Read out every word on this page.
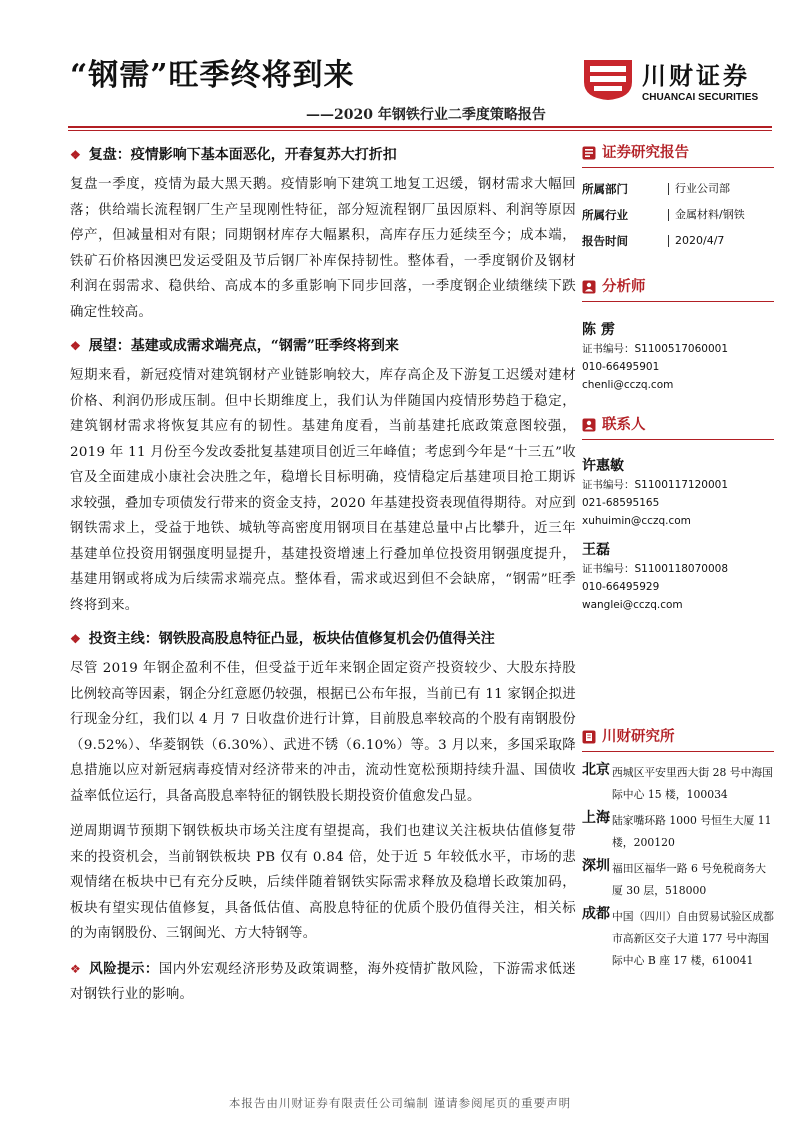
“钢需”旺季终将到来
——2020 年钢铁行业二季度策略报告
川财证券
CHUANCAI SECURITIES
❖ 复盘：疫情影响下基本面恶化，开春复苏大打折扣

复盘一季度，疫情为最大黑天鹅。疫情影响下建筑工地复工迟缓，钢材需求大幅回落；供给端长流程钢厂生产呈现刚性特征，部分短流程钢厂虽因原料、利润等原因停产，但减量相对有限；同期钢材库存大幅累积，高库存压力延续至今；成本端，铁矿石价格因澳巴发运受阻及节后钢厂补库保持韧性。整体看，一季度钢价及钢材利润在弱需求、稳供给、高成本的多重影响下同步回落，一季度钢企业绩继续下跌确定性较高。

❖ 展望：基建或成需求端亮点，“钢需”旺季终将到来

短期来看，新冠疫情对建筑钢材产业链影响较大，库存高企及下游复工迟缓对建材价格、利润仍形成压制。但中长期维度上，我们认为伴随国内疫情形势趋于稳定，建筑钢材需求将恢复其应有的韧性。基建角度看，当前基建托底政策意图较强，2019 年 11 月份至今发改委批复基建项目创近三年峰值；考虑到今年是“十三五”收官及全面建成小康社会决胜之年，稳增长目标明确，疫情稳定后基建项目抢工期诉求较强，叠加专项债发行带来的资金支持，2020 年基建投资表现值得期待。对应到钢铁需求上，受益于地铁、城轨等高密度用钢项目在基建总量中占比攀升，近三年基建单位投资用钢强度明显提升，基建投资增速上行叠加单位投资用钢强度提升，基建用钢或将成为后续需求端亮点。整体看，需求或迟到但不会缺席，“钢需”旺季终将到来。

❖ 投资主线：钢铁股高股息特征凸显，板块估值修复机会仍值得关注

尽管 2019 年钢企盈利不佳，但受益于近年来钢企固定资产投资较少、大股东持股比例较高等因素，钢企分红意愿仍较强，根据已公布年报，当前已有 11 家钢企拟进行现金分红，我们以 4 月 7 日收盘价进行计算，目前股息率较高的个股有南钢股份（9.52%）、华菱钢铁（6.30%）、武进不锈（6.10%）等。3 月以来，多国采取降息措施以应对新冠病毒疫情对经济带来的冲击，流动性宽松预期持续升温、国债收益率低位运行，具备高股息率特征的钢铁股长期投资价值愈发凸显。

逆周期调节预期下钢铁板块市场关注度有望提高，我们也建议关注板块估值修复带来的投资机会，当前钢铁板块 PB 仅有 0.84 倍，处于近 5 年较低水平，市场的悲观情绪在板块中已有充分反映，后续伴随着钢铁实际需求释放及稳增长政策加码，板块有望实现估值修复，具备低估值、高股息特征的优质个股仍值得关注，相关标的为南钢股份、三钢闽光、方大特钢等。

❖ 风险提示：国内外宏观经济形势及政策调整，海外疫情扩散风险，下游需求低迷对钢铁行业的影响。

证券研究报告
所属部门	行业公司部
所属行业	金属材料/钢铁
报告时间	2020/4/7
分析师
陈 雳
证书编号：S1100517060001
010-66495901
chenli@cczq.com
联系人
许惠敏
证书编号：S1100117120001
021-68595165
xuhuimin@cczq.com
王磊
证书编号：S1100118070008
010-66495929
wanglei@cczq.com
川财研究所
北京 西城区平安里西大街 28 号中海国际中心 15 楼，100034
上海 陆家嘴环路 1000 号恒生大厦 11 楼，200120
深圳 福田区福华一路 6 号免税商务大厦 30 层，518000
成都 中国（四川）自由贸易试验区成都市高新区交子大道 177 号中海国际中心 B 座 17 楼，610041
本报告由川财证券有限责任公司编制 谨请参阅尾页的重要声明
